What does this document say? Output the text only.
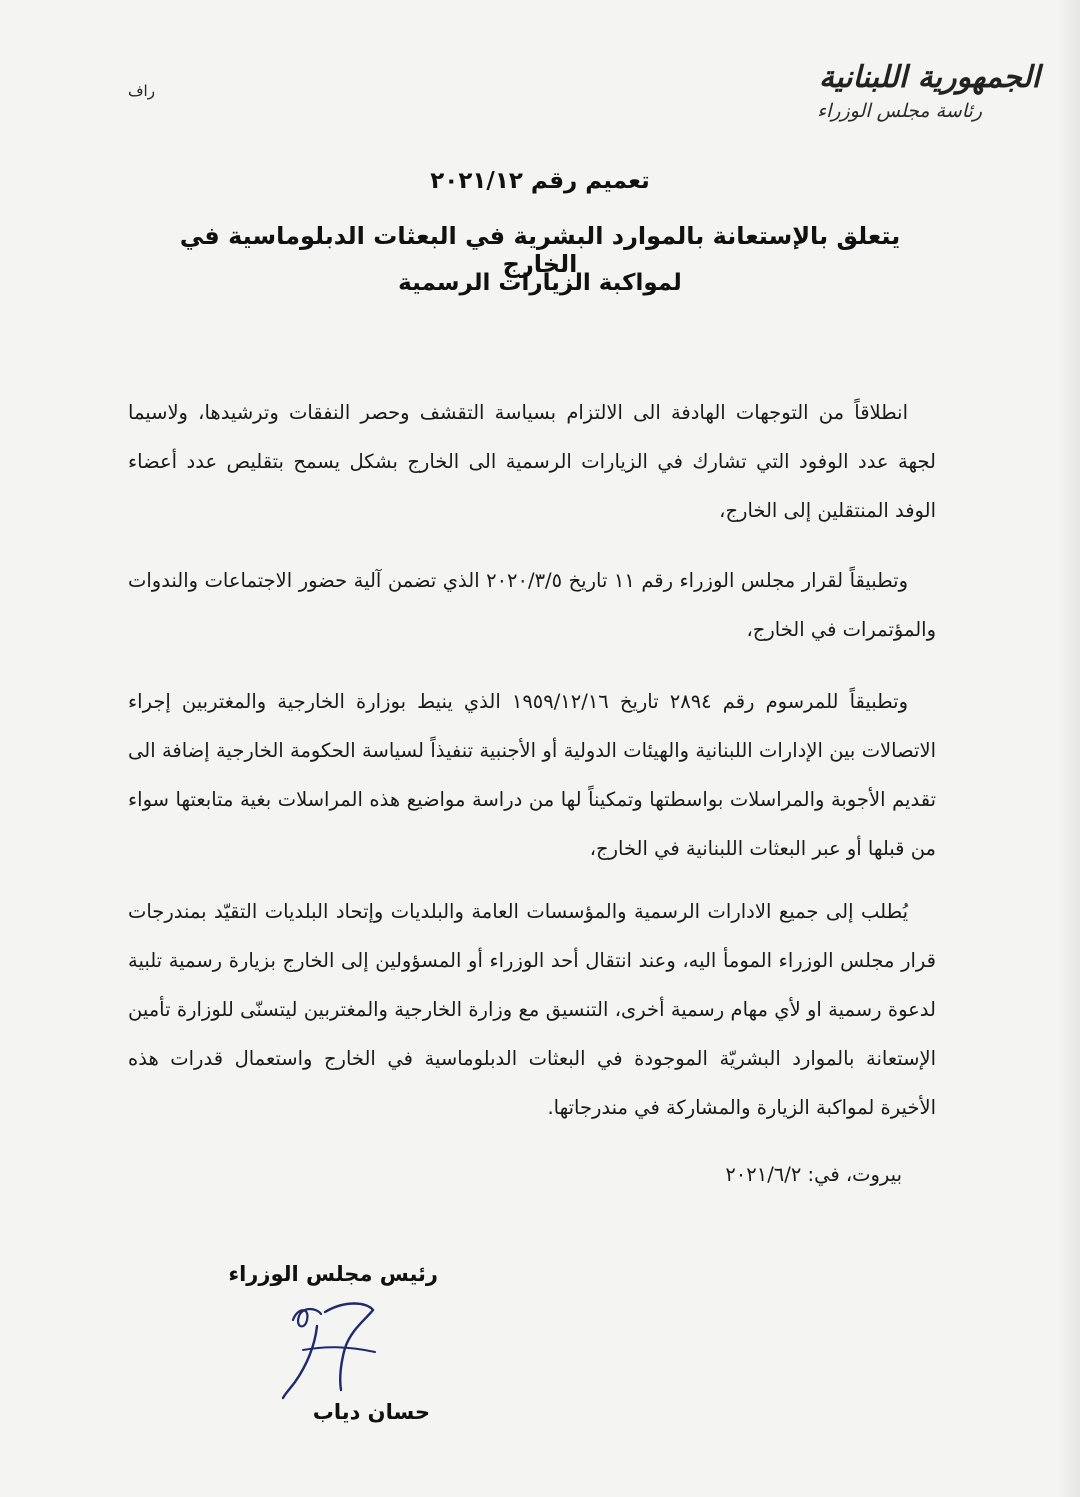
الجمهورية اللبنانية
رئاسة مجلس الوزراء
راف
تعميم رقم ٢٠٢١/١٢
يتعلق بالإستعانة بالموارد البشرية في البعثات الدبلوماسية في الخارج
لمواكبة الزيارات الرسمية

انطلاقاً من التوجهات الهادفة الى الالتزام بسياسة التقشف وحصر النفقات وترشيدها، ولاسيما لجهة عدد الوفود التي تشارك في الزيارات الرسمية الى الخارج بشكل يسمح بتقليص عدد أعضاء الوفد المنتقلين إلى الخارج،

وتطبيقاً لقرار مجلس الوزراء رقم ١١ تاريخ ٢٠٢٠/٣/٥ الذي تضمن آلية حضور الاجتماعات والندوات والمؤتمرات في الخارج،

وتطبيقاً للمرسوم رقم ٢٨٩٤ تاريخ ١٩٥٩/١٢/١٦ الذي ينيط بوزارة الخارجية والمغتربين إجراء الاتصالات بين الإدارات اللبنانية والهيئات الدولية أو الأجنبية تنفيذاً لسياسة الحكومة الخارجية إضافة الى تقديم الأجوبة والمراسلات بواسطتها وتمكيناً لها من دراسة مواضيع هذه المراسلات بغية متابعتها سواء من قبلها أو عبر البعثات اللبنانية في الخارج،

يُطلب إلى جميع الادارات الرسمية والمؤسسات العامة والبلديات وإتحاد البلديات التقيّد بمندرجات قرار مجلس الوزراء المومأ اليه، وعند انتقال أحد الوزراء أو المسؤولين إلى الخارج بزيارة رسمية تلبية لدعوة رسمية او لأي مهام رسمية أخرى، التنسيق مع وزارة الخارجية والمغتربين ليتسنّى للوزارة تأمين الإستعانة بالموارد البشريّة الموجودة في البعثات الدبلوماسية في الخارج واستعمال قدرات هذه الأخيرة لمواكبة الزيارة والمشاركة في مندرجاتها.

بيروت، في: ٢٠٢١/٦/٢
رئيس مجلس الوزراء
حسان دياب
